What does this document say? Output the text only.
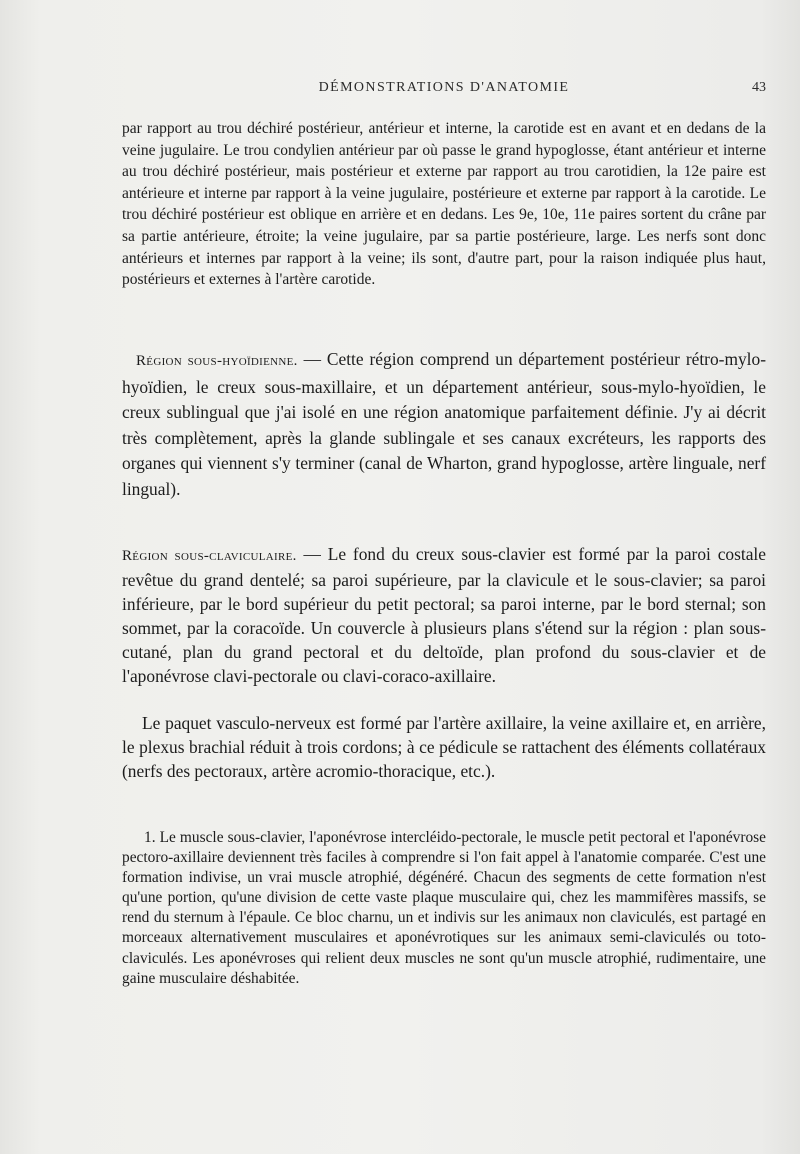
DÉMONSTRATIONS D'ANATOMIE	43

par rapport au trou déchiré postérieur, antérieur et interne, la carotide est en avant et en dedans de la veine jugulaire. Le trou condylien antérieur par où passe le grand hypoglosse, étant antérieur et interne au trou déchiré postérieur, mais postérieur et externe par rapport au trou carotidien, la 12e paire est antérieure et interne par rapport à la veine jugulaire, postérieure et externe par rapport à la carotide. Le trou déchiré postérieur est oblique en arrière et en dedans. Les 9e, 10e, 11e paires sortent du crâne par sa partie antérieure, étroite; la veine jugulaire, par sa partie postérieure, large. Les nerfs sont donc antérieurs et internes par rapport à la veine; ils sont, d'autre part, pour la raison indiquée plus haut, postérieurs et externes à l'artère carotide.

Région sous-hyoïdienne. — Cette région comprend un département postérieur rétro-mylo-hyoïdien, le creux sous-maxillaire, et un département antérieur, sous-mylo-hyoïdien, le creux sublingual que j'ai isolé en une région anatomique parfaitement définie. J'y ai décrit très complètement, après la glande sublingale et ses canaux excréteurs, les rapports des organes qui viennent s'y terminer (canal de Wharton, grand hypoglosse, artère linguale, nerf lingual).

Région sous-claviculaire. — Le fond du creux sous-clavier est formé par la paroi costale revêtue du grand dentelé; sa paroi supérieure, par la clavicule et le sous-clavier; sa paroi inférieure, par le bord supérieur du petit pectoral; sa paroi interne, par le bord sternal; son sommet, par la coracoïde. Un couvercle à plusieurs plans s'étend sur la région : plan sous-cutané, plan du grand pectoral et du deltoïde, plan profond du sous-clavier et de l'aponévrose clavi-pectorale ou clavi-coraco-axillaire.

Le paquet vasculo-nerveux est formé par l'artère axillaire, la veine axillaire et, en arrière, le plexus brachial réduit à trois cordons; à ce pédicule se rattachent des éléments collatéraux (nerfs des pectoraux, artère acromio-thoracique, etc.).

1. Le muscle sous-clavier, l'aponévrose intercléido-pectorale, le muscle petit pectoral et l'aponévrose pectoro-axillaire deviennent très faciles à comprendre si l'on fait appel à l'anatomie comparée. C'est une formation indivise, un vrai muscle atrophié, dégénéré. Chacun des segments de cette formation n'est qu'une portion, qu'une division de cette vaste plaque musculaire qui, chez les mammifères massifs, se rend du sternum à l'épaule. Ce bloc charnu, un et indivis sur les animaux non claviculés, est partagé en morceaux alternativement musculaires et aponévrotiques sur les animaux semi-claviculés ou toto-claviculés. Les aponévroses qui relient deux muscles ne sont qu'un muscle atrophié, rudimentaire, une gaine musculaire déshabitée.
